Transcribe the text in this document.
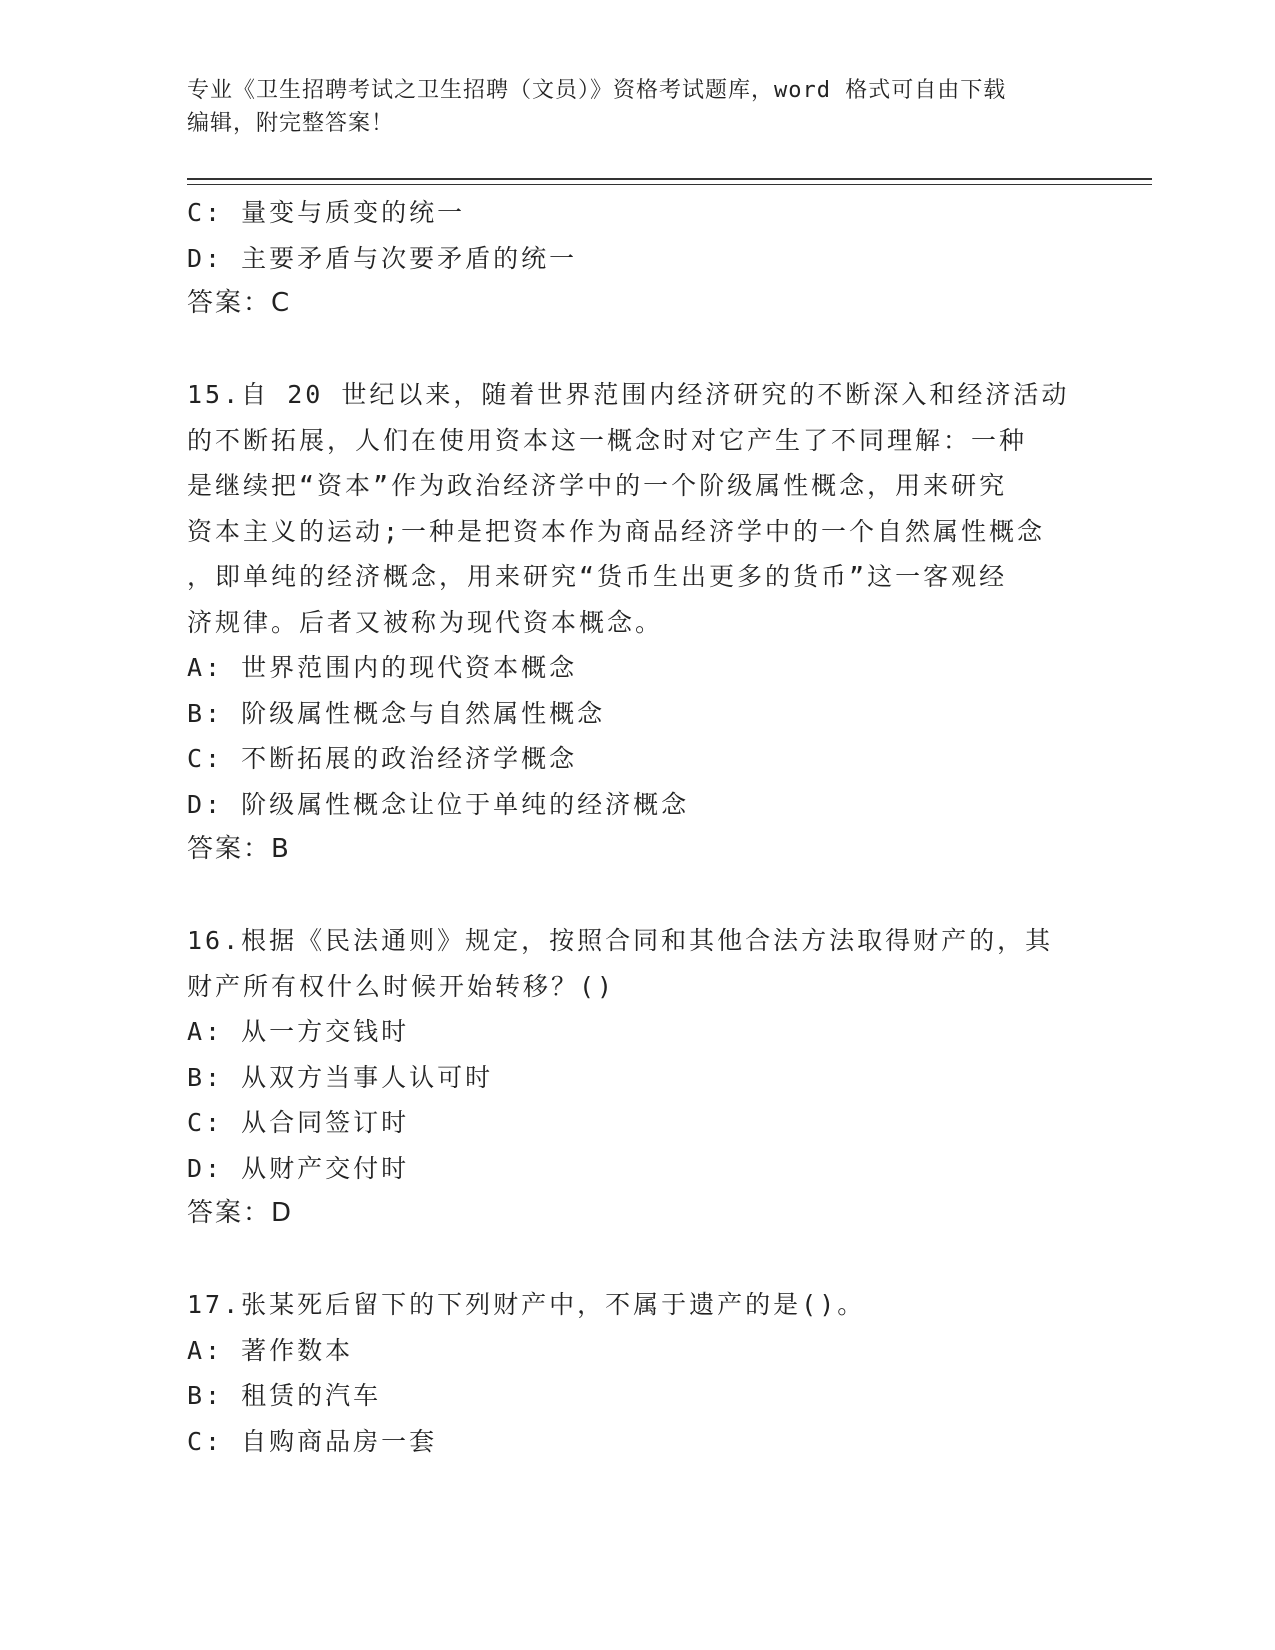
专业《卫生招聘考试之卫生招聘（文员）》资格考试题库，word 格式可自由下载
编辑，附完整答案！
C: 量变与质变的统一
D: 主要矛盾与次要矛盾的统一
答案：C
15.自 20 世纪以来，随着世界范围内经济研究的不断深入和经济活动
的不断拓展，人们在使用资本这一概念时对它产生了不同理解：一种
是继续把“资本”作为政治经济学中的一个阶级属性概念，用来研究
资本主义的运动;一种是把资本作为商品经济学中的一个自然属性概念
，即单纯的经济概念，用来研究“货币生出更多的货币”这一客观经
济规律。后者又被称为现代资本概念。
A: 世界范围内的现代资本概念
B: 阶级属性概念与自然属性概念
C: 不断拓展的政治经济学概念
D: 阶级属性概念让位于单纯的经济概念
答案：B
16.根据《民法通则》规定，按照合同和其他合法方法取得财产的，其
财产所有权什么时候开始转移？()
A: 从一方交钱时
B: 从双方当事人认可时
C: 从合同签订时
D: 从财产交付时
答案：D
17.张某死后留下的下列财产中，不属于遗产的是()。
A: 著作数本
B: 租赁的汽车
C: 自购商品房一套
